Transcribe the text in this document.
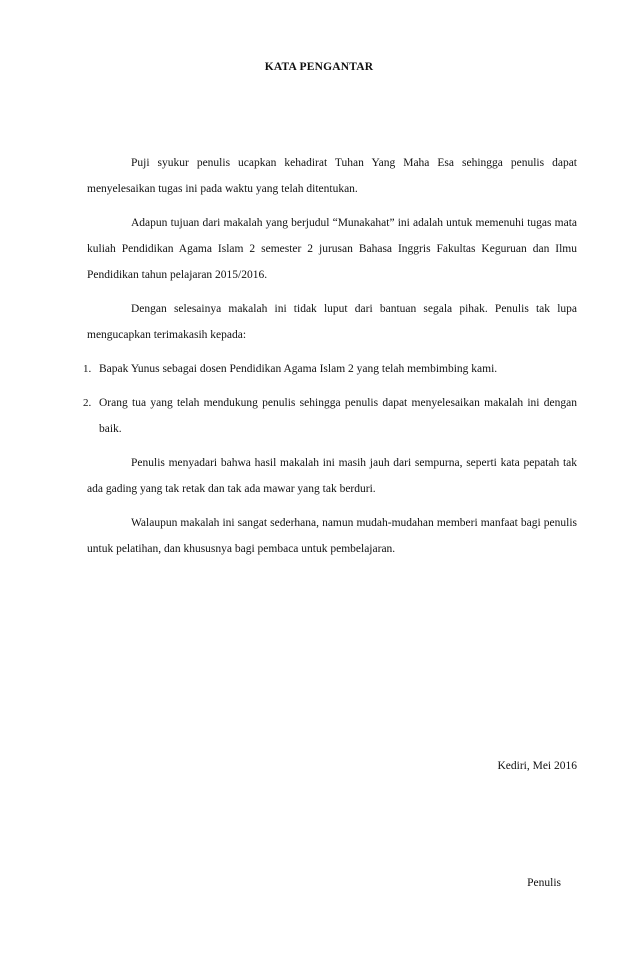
KATA PENGANTAR

Puji syukur penulis ucapkan kehadirat Tuhan Yang Maha Esa sehingga penulis dapat menyelesaikan tugas ini pada waktu yang telah ditentukan.

Adapun tujuan dari makalah yang berjudul “Munakahat” ini adalah untuk memenuhi tugas mata kuliah Pendidikan Agama Islam 2 semester 2 jurusan Bahasa Inggris Fakultas Keguruan dan Ilmu Pendidikan tahun pelajaran 2015/2016.

Dengan selesainya makalah ini tidak luput dari bantuan segala pihak. Penulis tak lupa mengucapkan terimakasih kepada:

1. Bapak Yunus sebagai dosen Pendidikan Agama Islam 2 yang telah membimbing kami.
2. Orang tua yang telah mendukung penulis sehingga penulis dapat menyelesaikan makalah ini dengan baik.

Penulis menyadari bahwa hasil makalah ini masih jauh dari sempurna, seperti kata pepatah tak ada gading yang tak retak dan tak ada mawar yang tak berduri.

Walaupun makalah ini sangat sederhana, namun mudah-mudahan memberi manfaat bagi penulis untuk pelatihan, dan khususnya bagi pembaca untuk pembelajaran.

Kediri, Mei 2016
Penulis
